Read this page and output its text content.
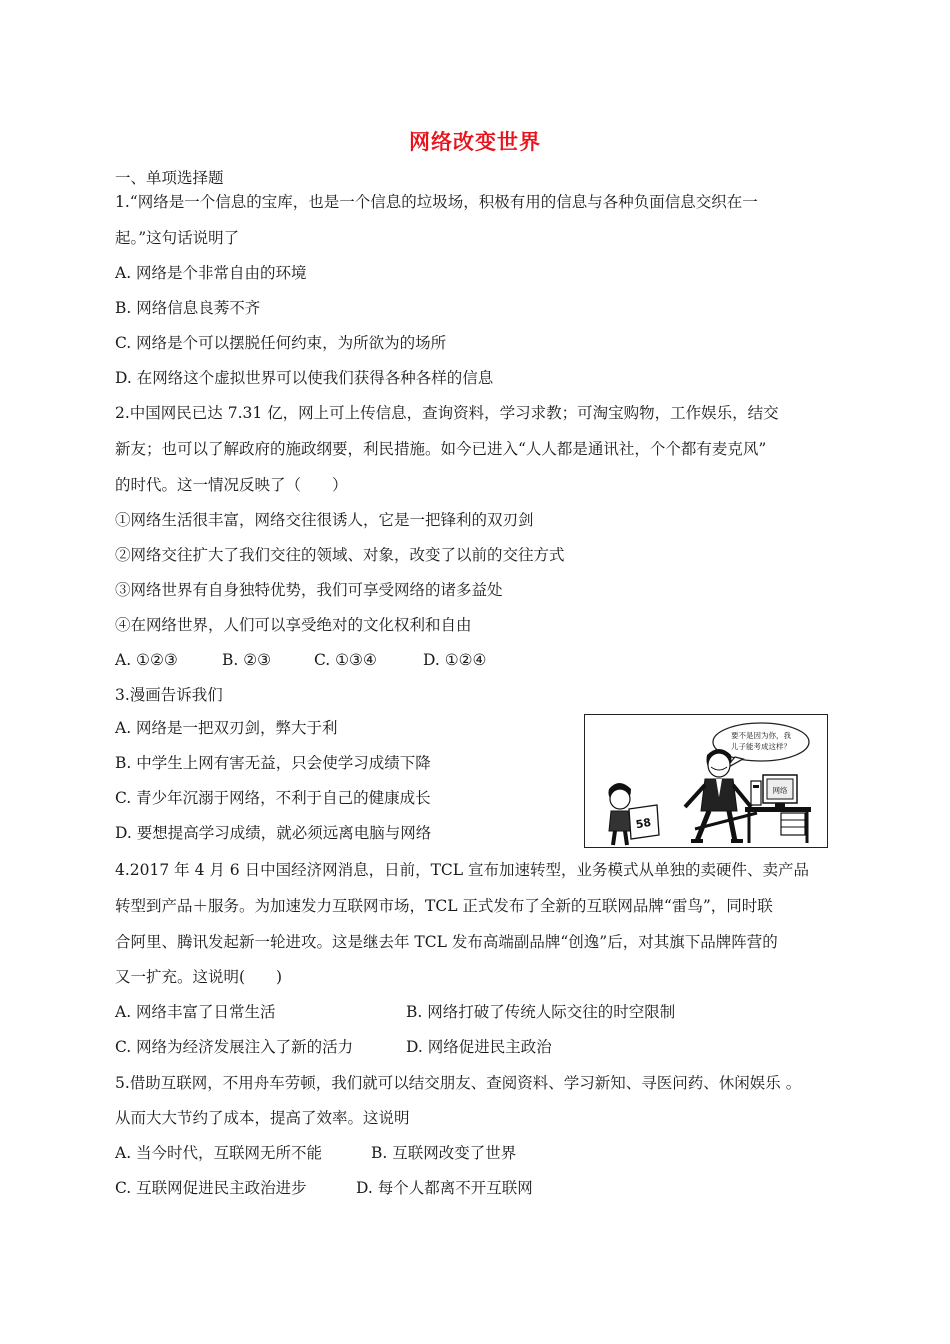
网络改变世界
一、单项选择题
1.“网络是一个信息的宝库，也是一个信息的垃圾场，积极有用的信息与各种负面信息交织在一
起。”这句话说明了
A. 网络是个非常自由的环境
B. 网络信息良莠不齐
C. 网络是个可以摆脱任何约束，为所欲为的场所
D. 在网络这个虚拟世界可以使我们获得各种各样的信息
2.中国网民已达 7.31 亿，网上可上传信息，查询资料，学习求教；可淘宝购物，工作娱乐，结交
新友；也可以了解政府的施政纲要，利民措施。如今已进入“人人都是通讯社，个个都有麦克风”
的时代。这一情况反映了（　　）
①网络生活很丰富，网络交往很诱人，它是一把锋利的双刃剑
②网络交往扩大了我们交往的领域、对象，改变了以前的交往方式
③网络世界有自身独特优势，我们可享受网络的诸多益处
④在网络世界，人们可以享受绝对的文化权利和自由
A. ①②③	B. ②③	C. ①③④	D. ①②④
3.漫画告诉我们
A. 网络是一把双刃剑，弊大于利
B. 中学生上网有害无益，只会使学习成绩下降
C. 青少年沉溺于网络，不利于自己的健康成长
D. 要想提高学习成绩，就必须远离电脑与网络
要不是因为你，我
儿子能考成这样？
58
网络
4.2017 年 4 月 6 日中国经济网消息，日前，TCL 宣布加速转型，业务模式从单独的卖硬件、卖产品
转型到产品＋服务。为加速发力互联网市场，TCL 正式发布了全新的互联网品牌“雷鸟”，同时联
合阿里、腾讯发起新一轮进攻。这是继去年 TCL 发布高端副品牌“创逸”后，对其旗下品牌阵营的
又一扩充。这说明(　　)
A. 网络丰富了日常生活	B. 网络打破了传统人际交往的时空限制
C. 网络为经济发展注入了新的活力	D. 网络促进民主政治
5.借助互联网，不用舟车劳顿，我们就可以结交朋友、查阅资料、学习新知、寻医问药、休闲娱乐 。
从而大大节约了成本，提高了效率。这说明
A. 当今时代，互联网无所不能	B. 互联网改变了世界
C. 互联网促进民主政治进步	D. 每个人都离不开互联网
